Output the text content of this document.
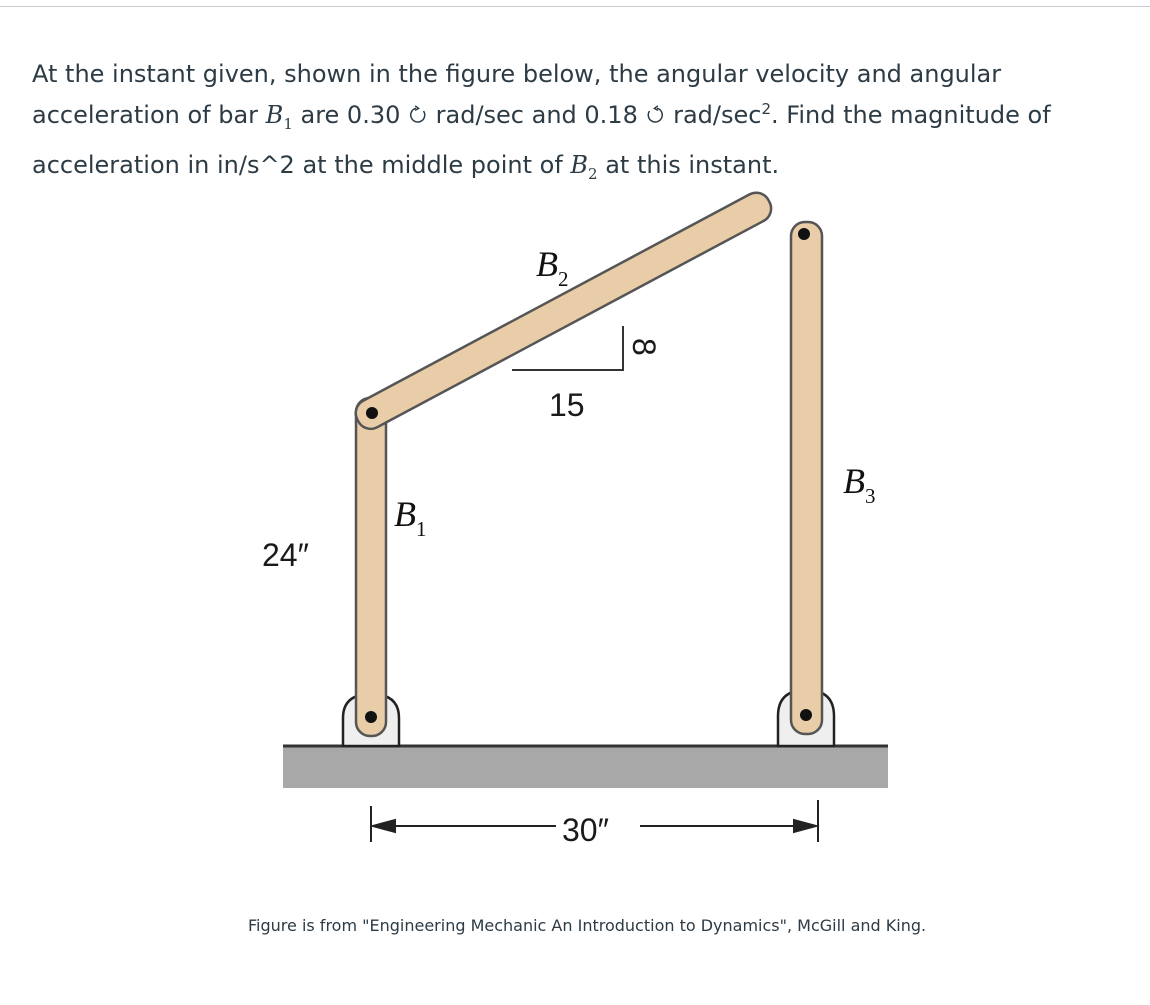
At the instant given, shown in the figure below, the angular velocity and angular acceleration of bar $B_1$ are 0.30  rad/sec and 0.18  rad/$\sec^2$. Find the magnitude of acceleration in in/s^2 at the middle point of $B_2$ at this instant.
8
15
$B_2$
$B_1$
$B_3$
24″
30″
Figure is from "Engineering Mechanic An Introduction to Dynamics", McGill and King.
